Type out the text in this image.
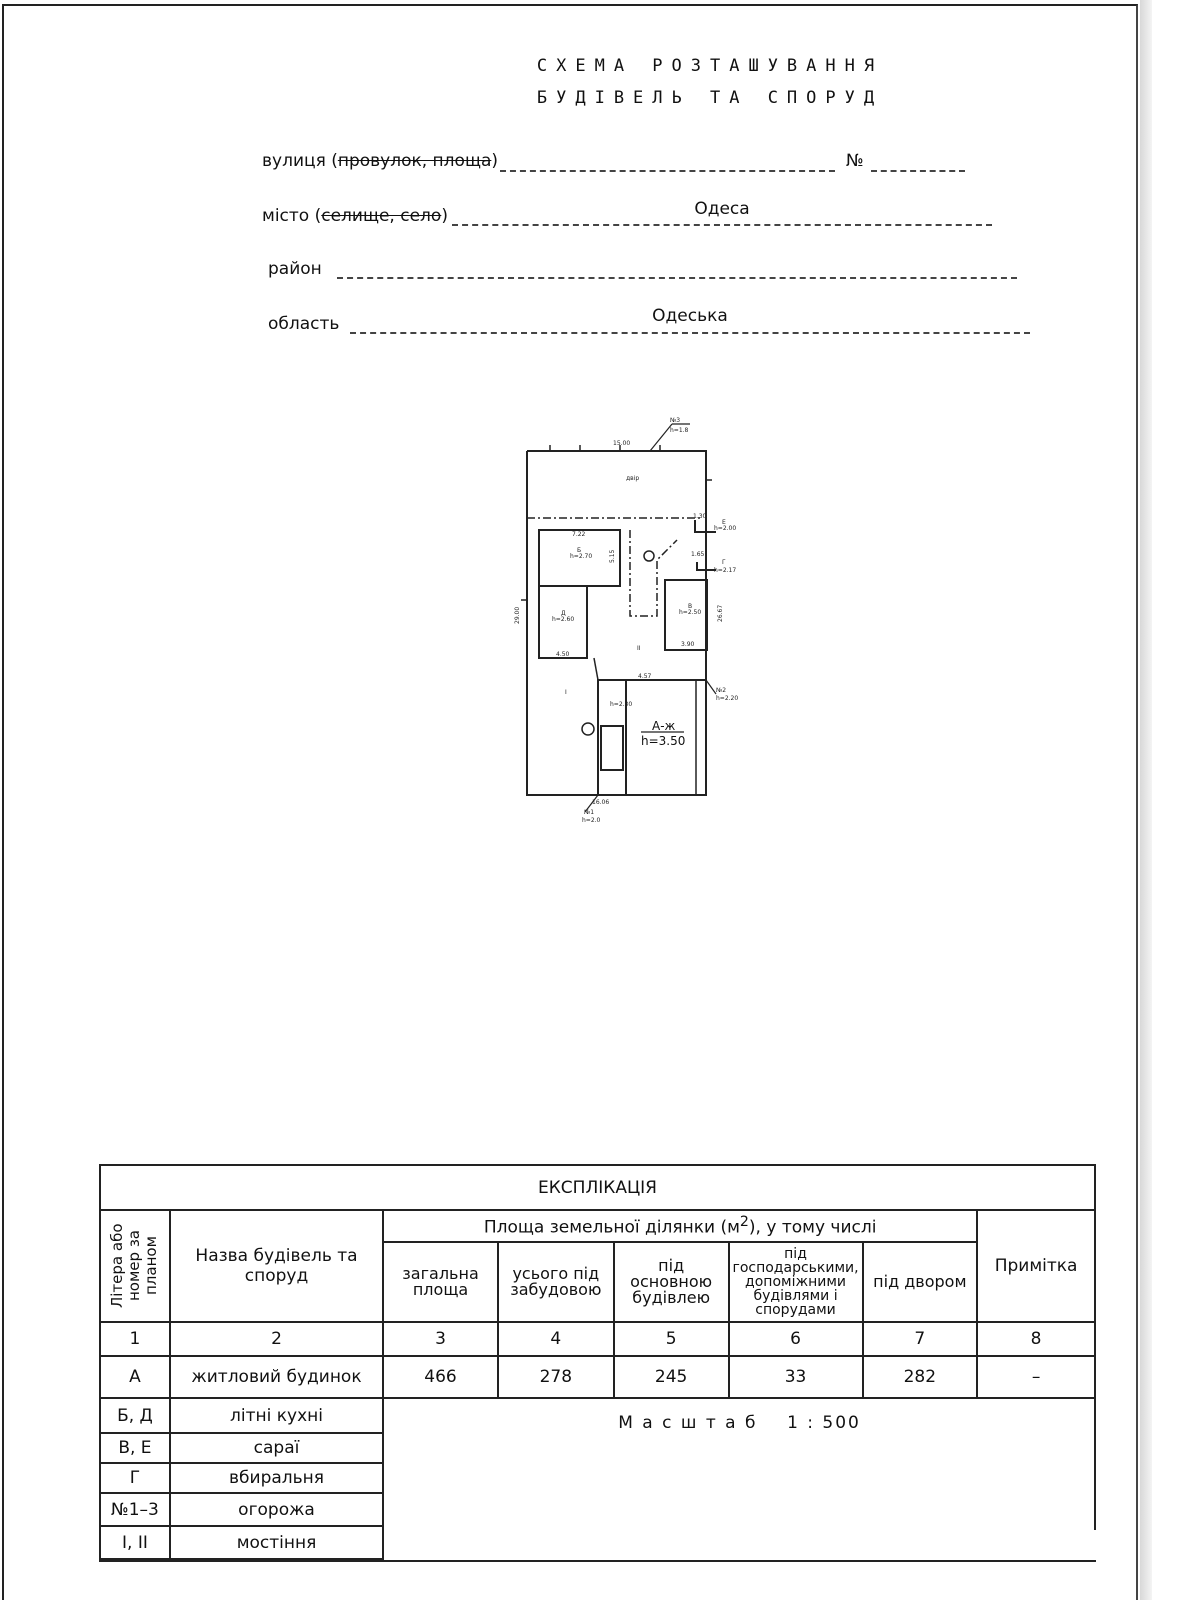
СХЕМА РОЗТАШУВАННЯ
БУДІВЕЛЬ ТА СПОРУД
вулиця (провулок, площа)	№
місто (селище, село)	Одеса
район
область	Одеська
двір
15.00
16.06
29.00	26.67
7.22
5.15
4.50
3.90
4.57
1.30
1.65
Б
h=2.70
Д
h=2.60
В
h=2.50
Е
h=2.00
Г
h=2.17
h=2.30
I
II
А-ж
h=3.50
№3
h=1.8
№2
h=2.20
№1
h=2.0
ЕКСПЛІКАЦІЯ							

Літера або номер за планом	Назва будівель та споруд	Площа земельної ділянки $(м^2)$, у тому числі					Примітка
		загальна площа	усього під забудовою	під основною будівлею	під господарськими, допоміжними будівлями і спорудами	під двором	
1	2	3	4	5	6	7	8
А	житловий будинок	466	278	245	33	282	–
Б, Д	літні кухні	М а с ш т а б 1 : 500					

В, Е	сараї						
Г	вбиральня						
№1–3	огорожа						
I, II	мостіння						
